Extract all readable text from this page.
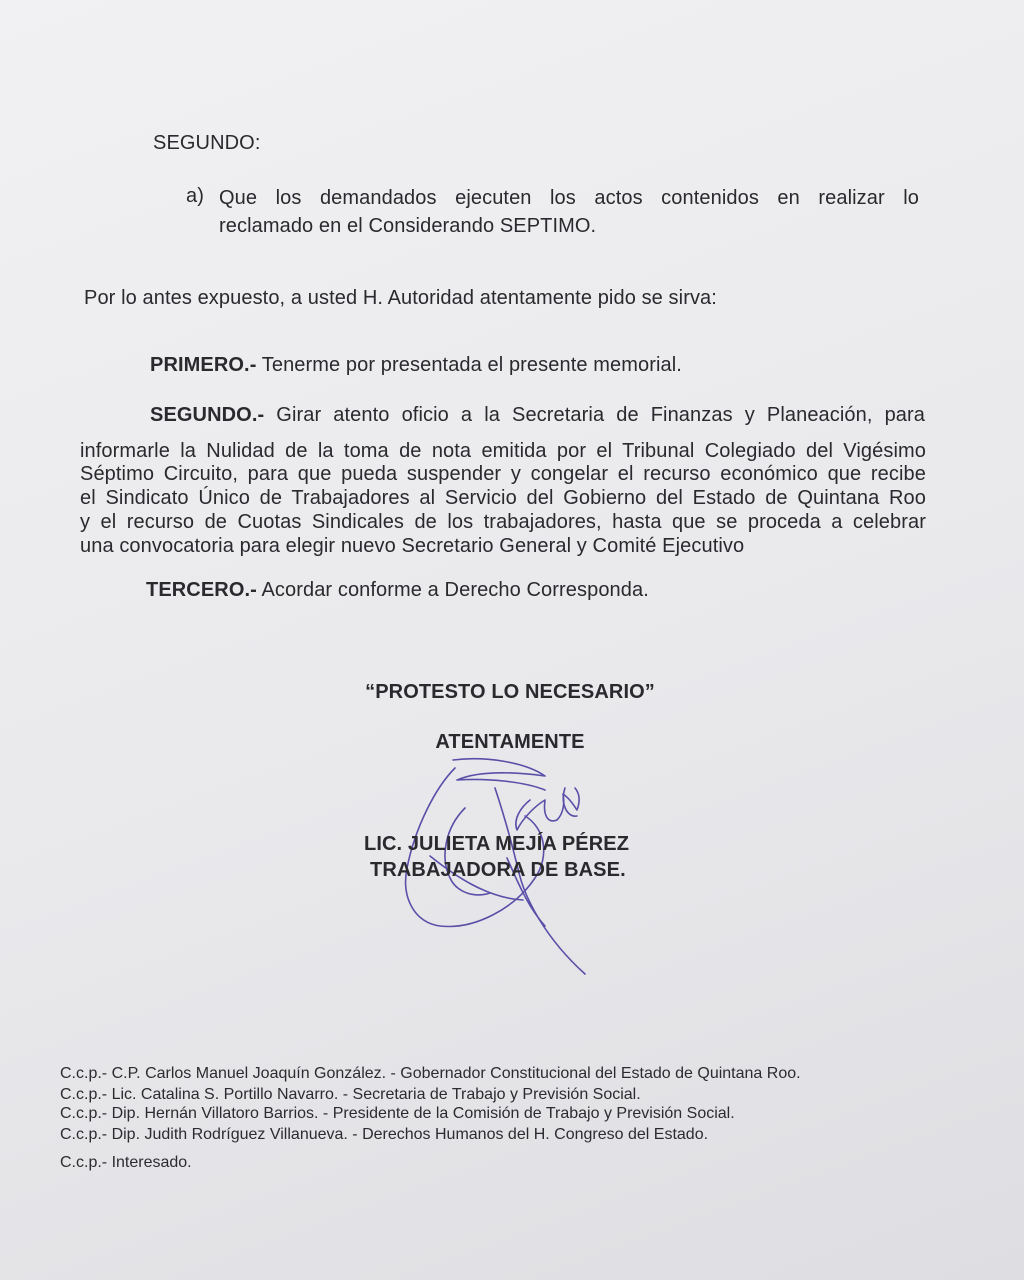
SEGUNDO:
a) Que los demandados ejecuten los actos contenidos en realizar lo
reclamado en el Considerando SEPTIMO.
Por lo antes expuesto, a usted H. Autoridad atentamente pido se sirva:
PRIMERO.- Tenerme por presentada el presente memorial.
SEGUNDO.- Girar atento oficio a la Secretaria de Finanzas y Planeación, para
informarle la Nulidad de la toma de nota emitida por el Tribunal Colegiado del Vigésimo
Séptimo Circuito, para que pueda suspender y congelar el recurso económico que recibe
el Sindicato Único de Trabajadores al Servicio del Gobierno del Estado de Quintana Roo
y el recurso de Cuotas Sindicales de los trabajadores, hasta que se proceda a celebrar
una convocatoria para elegir nuevo Secretario General y Comité Ejecutivo
TERCERO.- Acordar conforme a Derecho Corresponda.
“PROTESTO LO NECESARIO”
ATENTAMENTE
LIC. JULIETA MEJÍA PÉREZ
TRABAJADORA DE BASE.
C.c.p.- C.P. Carlos Manuel Joaquín González. - Gobernador Constitucional del Estado de Quintana Roo.
C.c.p.- Lic. Catalina S. Portillo Navarro. - Secretaria de Trabajo y Previsión Social.
C.c.p.- Dip. Hernán Villatoro Barrios. - Presidente de la Comisión de Trabajo y Previsión Social.
C.c.p.- Dip. Judith Rodríguez Villanueva. - Derechos Humanos del H. Congreso del Estado.
C.c.p.- Interesado.
